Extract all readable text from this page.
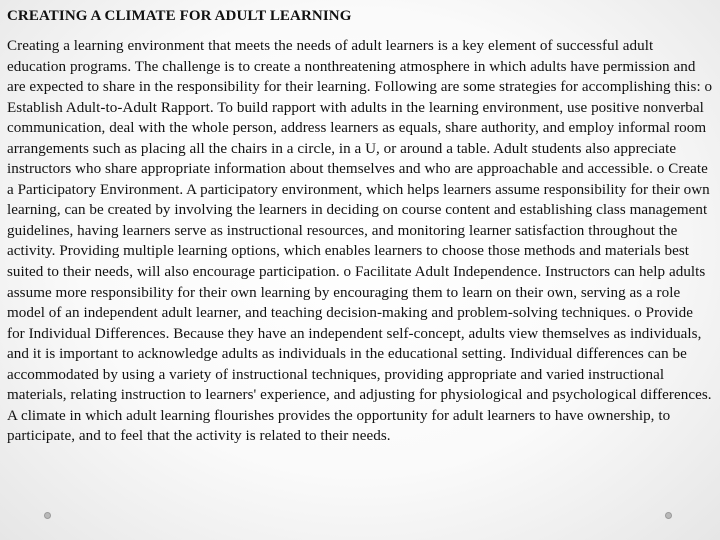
CREATING A CLIMATE FOR ADULT LEARNING

Creating a learning environment that meets the needs of adult learners is a key element of successful adult education programs. The challenge is to create a nonthreatening atmosphere in which adults have permission and are expected to share in the responsibility for their learning. Following are some strategies for accomplishing this: o Establish Adult-to-Adult Rapport. To build rapport with adults in the learning environment, use positive nonverbal communication, deal with the whole person, address learners as equals, share authority, and employ informal room arrangements such as placing all the chairs in a circle, in a U, or around a table. Adult students also appreciate instructors who share appropriate information about themselves and who are approachable and accessible. o Create a Participatory Environment. A participatory environment, which helps learners assume responsibility for their own learning, can be created by involving the learners in deciding on course content and establishing class management guidelines, having learners serve as instructional resources, and monitoring learner satisfaction throughout the activity. Providing multiple learning options, which enables learners to choose those methods and materials best suited to their needs, will also encourage participation. o Facilitate Adult Independence. Instructors can help adults assume more responsibility for their own learning by encouraging them to learn on their own, serving as a role model of an independent adult learner, and teaching decision-making and problem-solving techniques. o Provide for Individual Differences. Because they have an independent self-concept, adults view themselves as individuals, and it is important to acknowledge adults as individuals in the educational setting. Individual differences can be accommodated by using a variety of instructional techniques, providing appropriate and varied instructional materials, relating instruction to learners' experience, and adjusting for physiological and psychological differences. A climate in which adult learning flourishes provides the opportunity for adult learners to have ownership, to participate, and to feel that the activity is related to their needs.
